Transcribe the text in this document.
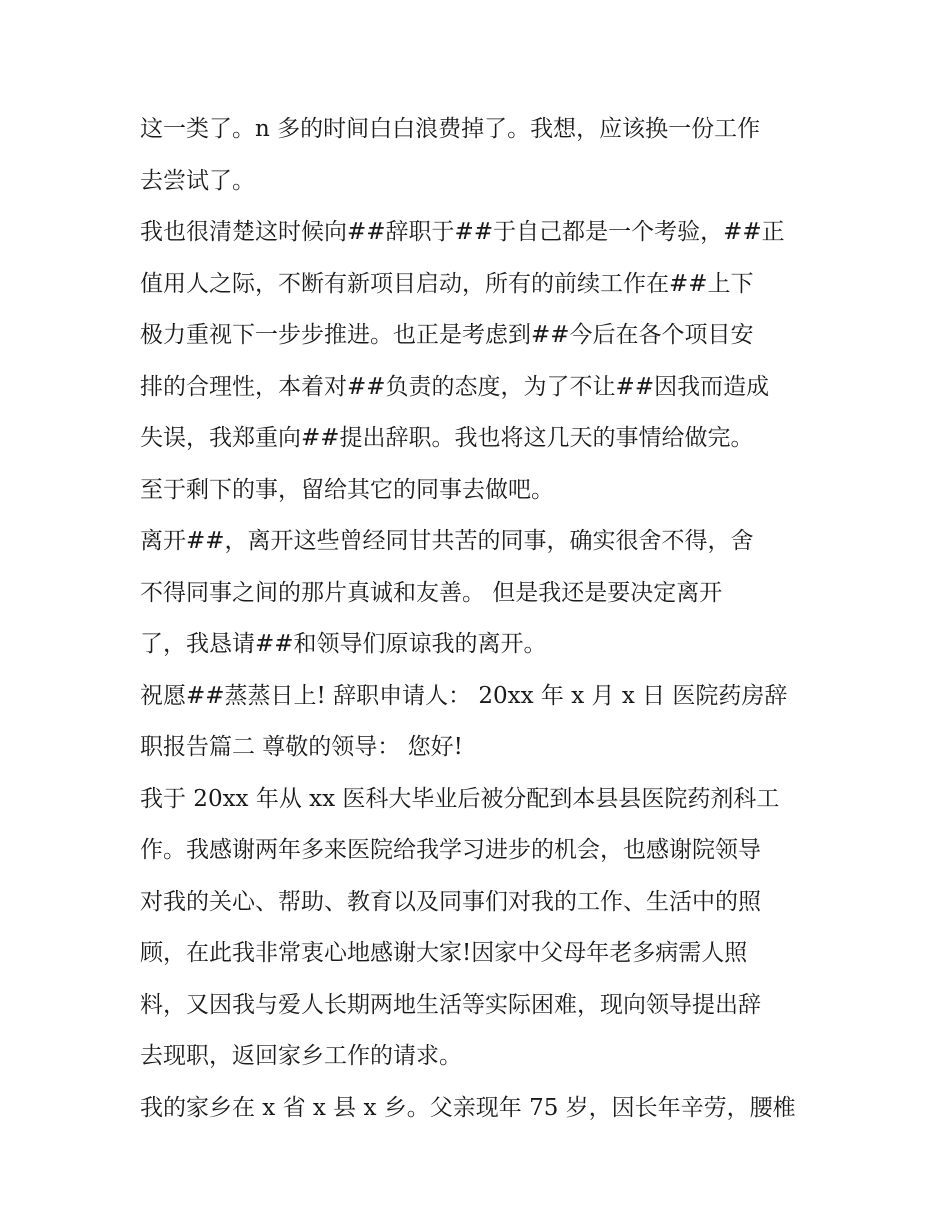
这一类了。n 多的时间白白浪费掉了。我想，应该换一份工作
去尝试了。
我也很清楚这时候向##辞职于##于自己都是一个考验，##正
值用人之际，不断有新项目启动，所有的前续工作在##上下
极力重视下一步步推进。也正是考虑到##今后在各个项目安
排的合理性，本着对##负责的态度，为了不让##因我而造成
失误，我郑重向##提出辞职。我也将这几天的事情给做完。
至于剩下的事，留给其它的同事去做吧。
离开##，离开这些曾经同甘共苦的同事，确实很舍不得，舍
不得同事之间的那片真诚和友善。 但是我还是要决定离开
了，我恳请##和领导们原谅我的离开。
祝愿##蒸蒸日上! 辞职申请人： 20xx 年 x 月 x 日 医院药房辞
职报告篇二 尊敬的领导： 您好!
我于 20xx 年从 xx 医科大毕业后被分配到本县县医院药剂科工
作。我感谢两年多来医院给我学习进步的机会，也感谢院领导
对我的关心、帮助、教育以及同事们对我的工作、生活中的照
顾，在此我非常衷心地感谢大家!因家中父母年老多病需人照
料，又因我与爱人长期两地生活等实际困难，现向领导提出辞
去现职，返回家乡工作的请求。
我的家乡在 x 省 x 县 x 乡。父亲现年 75 岁，因长年辛劳，腰椎
